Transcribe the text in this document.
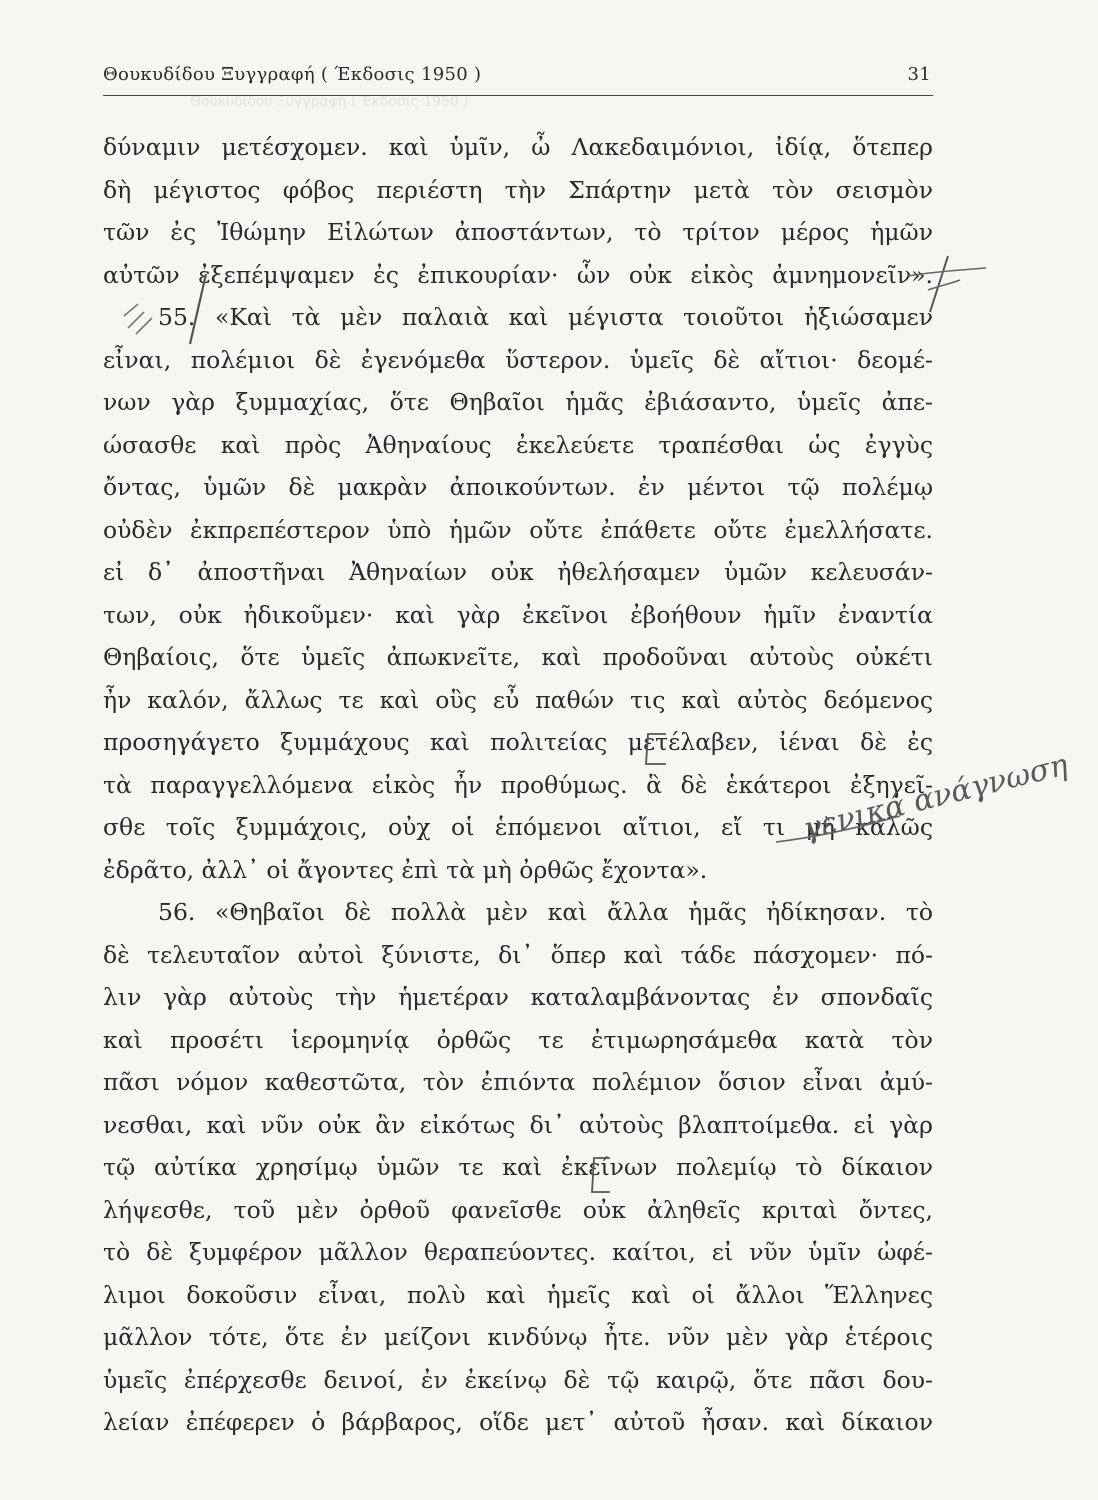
Θουκυδίδου Ξυγγραφή ( Έκδοσις 1950 )
Θουκυδίδου Ξυγγραφή ( Έκδοσις 1950 )	31
δύναμιν μετέσχομεν. καὶ ὑμῖν, ὦ Λακεδαιμόνιοι, ἰδίᾳ, ὅτεπερ
δὴ μέγιστος φόβος περιέστη τὴν Σπάρτην μετὰ τὸν σεισμὸν
τῶν ἐς Ἰθώμην Εἱλώτων ἀποστάντων, τὸ τρίτον μέρος ἡμῶν
αὐτῶν ἐξεπέμψαμεν ἐς ἐπικουρίαν· ὧν οὐκ εἰκὸς ἀμνημονεῖν».
55. «Καὶ τὰ μὲν παλαιὰ καὶ μέγιστα τοιοῦτοι ἠξιώσαμεν
εἶναι, πολέμιοι δὲ ἐγενόμεθα ὕστερον. ὑμεῖς δὲ αἴτιοι· δεομέ-
νων γὰρ ξυμμαχίας, ὅτε Θηβαῖοι ἡμᾶς ἐβιάσαντο, ὑμεῖς ἀπε-
ώσασθε καὶ πρὸς Ἀθηναίους ἐκελεύετε τραπέσθαι ὡς ἐγγὺς
ὄντας, ὑμῶν δὲ μακρὰν ἀποικούντων. ἐν μέντοι τῷ πολέμῳ
οὐδὲν ἐκπρεπέστερον ὑπὸ ἡμῶν οὔτε ἐπάθετε οὔτε ἐμελλήσατε.
εἰ δ᾽ ἀποστῆναι Ἀθηναίων οὐκ ἠθελήσαμεν ὑμῶν κελευσάν-
των, οὐκ ἠδικοῦμεν· καὶ γὰρ ἐκεῖνοι ἐβοήθουν ἡμῖν ἐναντία
Θηβαίοις, ὅτε ὑμεῖς ἀπωκνεῖτε, καὶ προδοῦναι αὐτοὺς οὐκέτι
ἦν καλόν, ἄλλως τε καὶ οὓς εὖ παθών τις καὶ αὐτὸς δεόμενος
προσηγάγετο ξυμμάχους καὶ πολιτείας μετέλαβεν, ἰέναι δὲ ἐς
τὰ παραγγελλόμενα εἰκὸς ἦν προθύμως. ἃ δὲ ἑκάτεροι ἐξηγεῖ-
σθε τοῖς ξυμμάχοις, οὐχ οἱ ἑπόμενοι αἴτιοι, εἴ τι μὴ καλῶς
ἐδρᾶτο, ἀλλ᾽ οἱ ἄγοντες ἐπὶ τὰ μὴ ὀρθῶς ἔχοντα».
56. «Θηβαῖοι δὲ πολλὰ μὲν καὶ ἄλλα ἡμᾶς ἠδίκησαν. τὸ
δὲ τελευταῖον αὐτοὶ ξύνιστε, δι᾽ ὅπερ καὶ τάδε πάσχομεν· πό-
λιν γὰρ αὐτοὺς τὴν ἡμετέραν καταλαμβάνοντας ἐν σπονδαῖς
καὶ προσέτι ἱερομηνίᾳ ὀρθῶς τε ἐτιμωρησάμεθα κατὰ τὸν
πᾶσι νόμον καθεστῶτα, τὸν ἐπιόντα πολέμιον ὅσιον εἶναι ἀμύ-
νεσθαι, καὶ νῦν οὐκ ἂν εἰκότως δι᾽ αὐτοὺς βλαπτοίμεθα. εἰ γὰρ
τῷ αὐτίκα χρησίμῳ ὑμῶν τε καὶ ἐκείνων πολεμίῳ τὸ δίκαιον
λήψεσθε, τοῦ μὲν ὀρθοῦ φανεῖσθε οὐκ ἀληθεῖς κριταὶ ὄντες,
τὸ δὲ ξυμφέρον μᾶλλον θεραπεύοντες. καίτοι, εἰ νῦν ὑμῖν ὠφέ-
λιμοι δοκοῦσιν εἶναι, πολὺ καὶ ἡμεῖς καὶ οἱ ἄλλοι Ἕλληνες
μᾶλλον τότε, ὅτε ἐν μείζονι κινδύνῳ ἦτε. νῦν μὲν γὰρ ἑτέροις
ὑμεῖς ἐπέρχεσθε δεινοί, ἐν ἐκείνῳ δὲ τῷ καιρῷ, ὅτε πᾶσι δου-
λείαν ἐπέφερεν ὁ βάρβαρος, οἵδε μετ᾽ αὐτοῦ ἦσαν. καὶ δίκαιον
γενικά ανάγνωση
